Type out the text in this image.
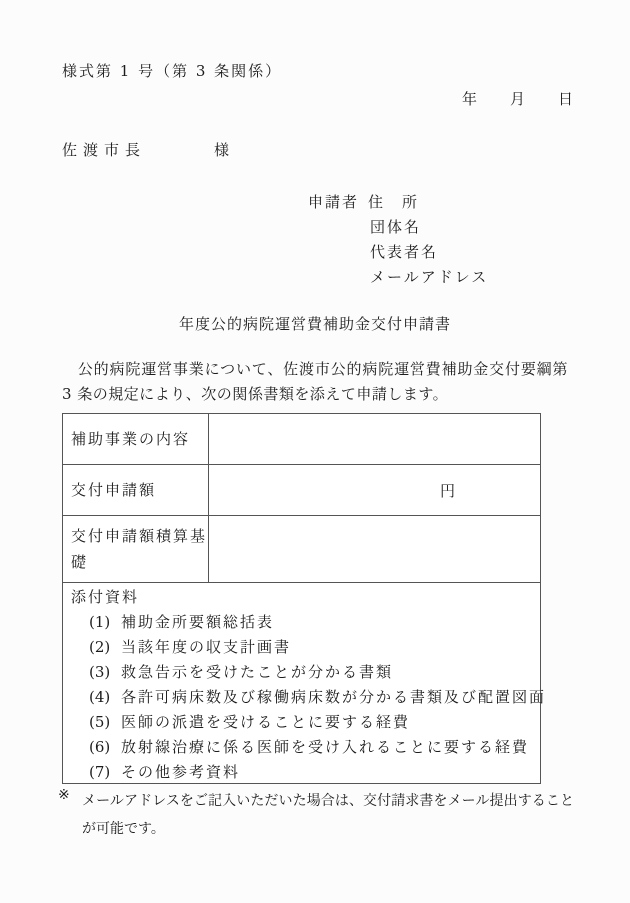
様式第 1 号（第 3 条関係）
年　　月　　日
佐渡市長	様
申請者 住　所
団体名
代表者名
メールアドレス
年度公的病院運営費補助金交付申請書
　公的病院運営事業について、佐渡市公的病院運営費補助金交付要綱第 3 条の規定により、次の関係書類を添えて申請します。
補助事業の内容
交付申請額	円
交付申請額積算基礎
添付資料
(1) 補助金所要額総括表
(2) 当該年度の収支計画書
(3) 救急告示を受けたことが分かる書類
(4) 各許可病床数及び稼働病床数が分かる書類及び配置図面
(5) 医師の派遣を受けることに要する経費
(6) 放射線治療に係る医師を受け入れることに要する経費
(7) その他参考資料
※ メールアドレスをご記入いただいた場合は、交付請求書をメール提出することが可能です。
